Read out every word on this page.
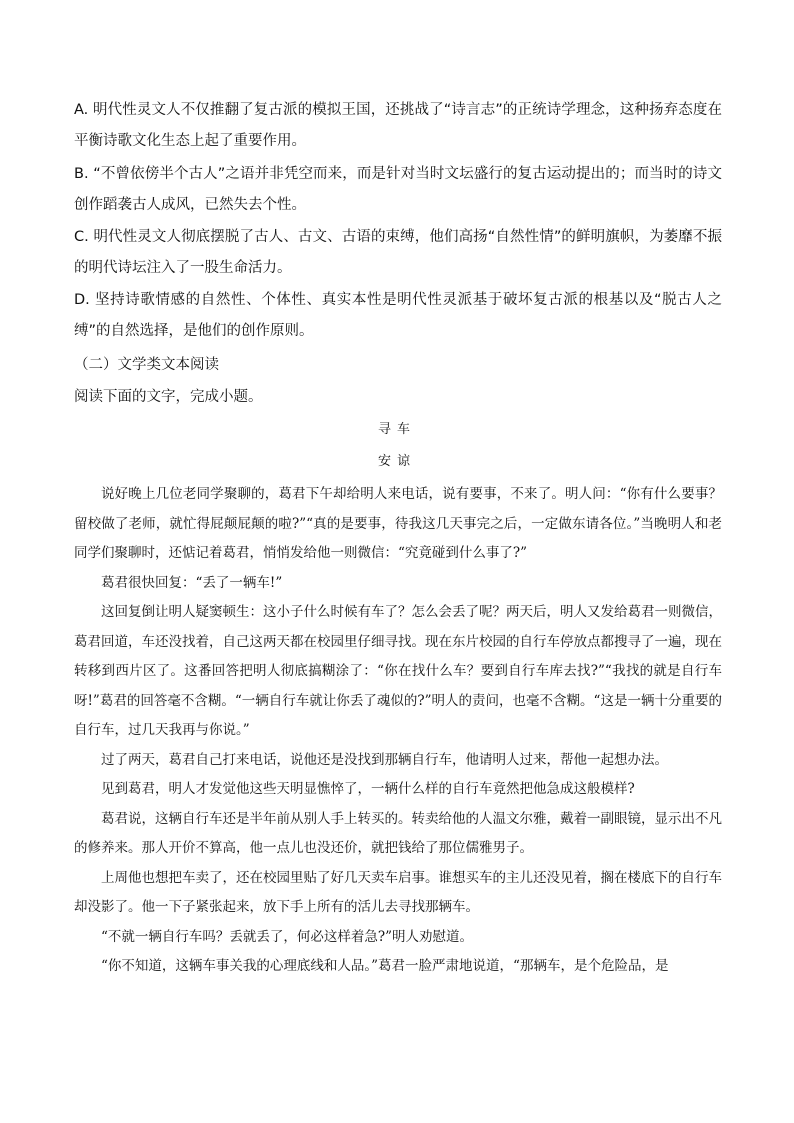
A. 明代性灵文人不仅推翻了复古派的模拟王国，还挑战了“诗言志”的正统诗学理念，这种扬弃态度在平衡诗歌文化生态上起了重要作用。
B. “不曾依傍半个古人”之语并非凭空而来，而是针对当时文坛盛行的复古运动提出的；而当时的诗文创作蹈袭古人成风，已然失去个性。
C. 明代性灵文人彻底摆脱了古人、古文、古语的束缚，他们高扬“自然性情”的鲜明旗帜，为萎靡不振的明代诗坛注入了一股生命活力。
D. 坚持诗歌情感的自然性、个体性、真实本性是明代性灵派基于破坏复古派的根基以及“脱古人之缚”的自然选择，是他们的创作原则。
（二）文学类文本阅读
阅读下面的文字，完成小题。
寻车
安谅

说好晚上几位老同学聚聊的，葛君下午却给明人来电话，说有要事，不来了。明人问：“你有什么要事？留校做了老师，就忙得屁颠屁颠的啦?”“真的是要事，待我这几天事完之后，一定做东请各位。”当晚明人和老同学们聚聊时，还惦记着葛君，悄悄发给他一则微信：“究竟碰到什么事了?”

葛君很快回复：“丢了一辆车!”

这回复倒让明人疑窦顿生：这小子什么时候有车了？怎么会丢了呢？两天后，明人又发给葛君一则微信，葛君回道，车还没找着，自己这两天都在校园里仔细寻找。现在东片校园的自行车停放点都搜寻了一遍，现在转移到西片区了。这番回答把明人彻底搞糊涂了：“你在找什么车？要到自行车库去找?”“我找的就是自行车呀!”葛君的回答毫不含糊。“一辆自行车就让你丢了魂似的?”明人的责问，也毫不含糊。“这是一辆十分重要的自行车，过几天我再与你说。”

过了两天，葛君自己打来电话，说他还是没找到那辆自行车，他请明人过来，帮他一起想办法。

见到葛君，明人才发觉他这些天明显憔悴了，一辆什么样的自行车竟然把他急成这般模样?

葛君说，这辆自行车还是半年前从别人手上转买的。转卖给他的人温文尔雅，戴着一副眼镜，显示出不凡的修养来。那人开价不算高，他一点儿也没还价，就把钱给了那位儒雅男子。

上周他也想把车卖了，还在校园里贴了好几天卖车启事。谁想买车的主儿还没见着，搁在楼底下的自行车却没影了。他一下子紧张起来，放下手上所有的活儿去寻找那辆车。

“不就一辆自行车吗？丢就丢了，何必这样着急?”明人劝慰道。

“你不知道，这辆车事关我的心理底线和人品。”葛君一脸严肃地说道，“那辆车，是个危险品，是
